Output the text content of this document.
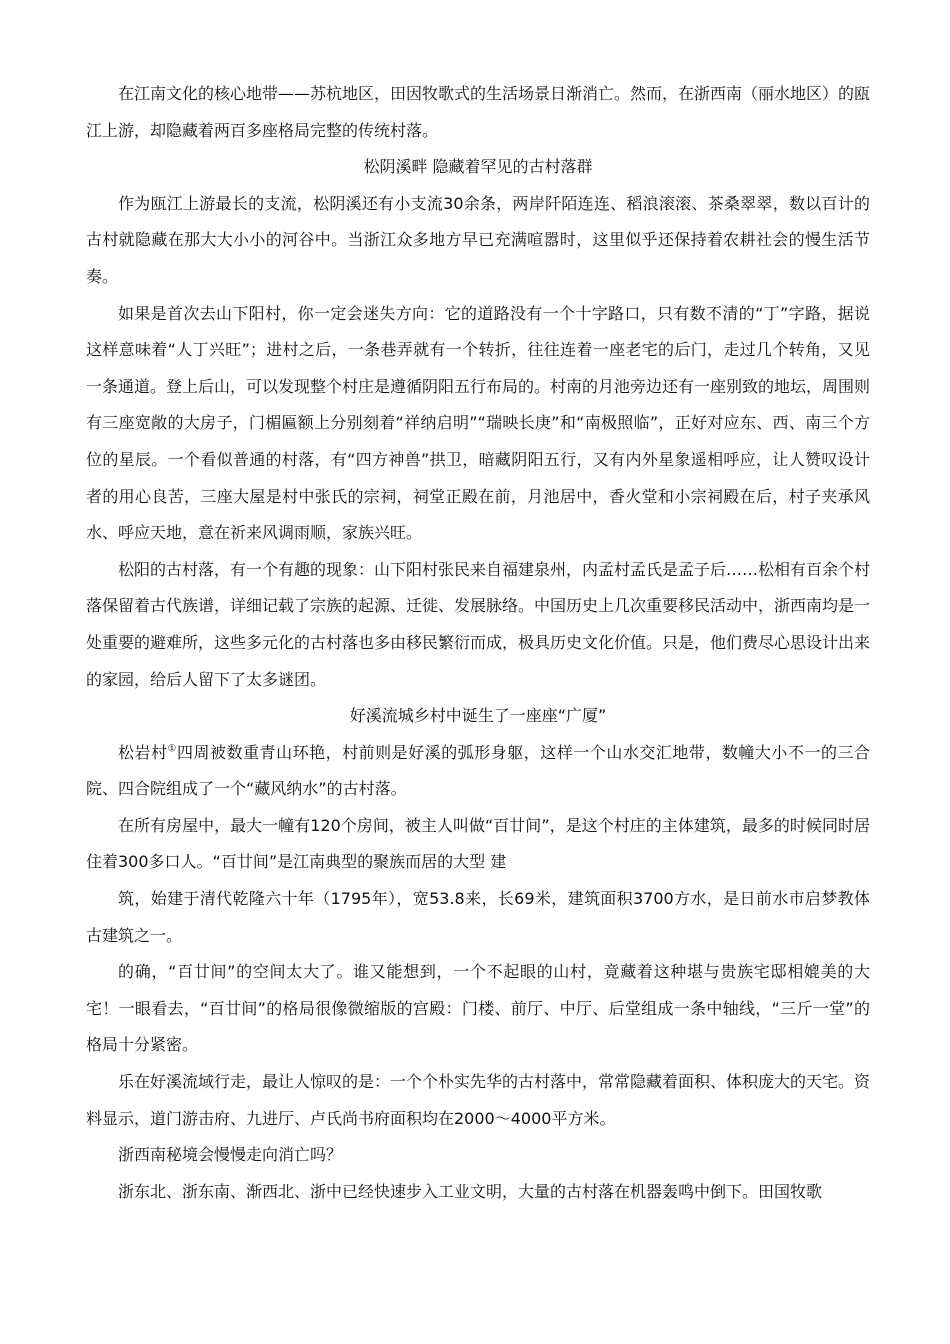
在江南文化的核心地带——苏杭地区，田因牧歌式的生活场景日渐消亡。然而，在浙西南（丽水地区）的瓯江上游，却隐藏着两百多座格局完整的传统村落。

松阴溪畔 隐藏着罕见的古村落群

作为瓯江上游最长的支流，松阴溪还有小支流30余条，两岸阡陌连连、稻浪滚滚、茶桑翠翠，数以百计的古村就隐藏在那大大小小的河谷中。当浙江众多地方早已充满喧嚣时，这里似乎还保持着农耕社会的慢生活节奏。

如果是首次去山下阳村，你一定会迷失方向：它的道路没有一个十字路口，只有数不清的“丁”字路，据说这样意味着“人丁兴旺”；进村之后，一条巷弄就有一个转折，往往连着一座老宅的后门，走过几个转角，又见一条通道。登上后山，可以发现整个村庄是遵循阴阳五行布局的。村南的月池旁边还有一座别致的地坛，周围则有三座宽敞的大房子，门楣匾额上分别刻着“祥纳启明”“瑞映长庚”和“南极照临”，正好对应东、西、南三个方位的星辰。一个看似普通的村落，有“四方神兽”拱卫，暗藏阴阳五行，又有内外星象遥相呼应，让人赞叹设计者的用心良苦，三座大屋是村中张氏的宗祠，祠堂正殿在前，月池居中，香火堂和小宗祠殿在后，村子夹承风水、呼应天地，意在祈来风调雨顺，家族兴旺。

松阳的古村落，有一个有趣的现象：山下阳村张民来自福建泉州，内孟村孟氏是孟子后……松相有百余个村落保留着古代族谱，详细记载了宗族的起源、迁徙、发展脉络。中国历史上几次重要移民活动中，浙西南均是一处重要的避难所，这些多元化的古村落也多由移民繁衍而成，极具历史文化价值。只是，他们费尽心思设计出来的家园，给后人留下了太多谜团。

好溪流城乡村中诞生了一座座“广厦”

松岩村①四周被数重青山环艳，村前则是好溪的弧形身躯，这样一个山水交汇地带，数幢大小不一的三合院、四合院组成了一个“藏风纳水”的古村落。

在所有房屋中，最大一幢有120个房间，被主人叫做“百廿间”，是这个村庄的主体建筑，最多的时候同时居住着300多口人。“百廿间”是江南典型的聚族而居的大型 建

筑，始建于清代乾隆六十年（1795年），宽53.8来，长69米，建筑面积3700方水，是日前水市启梦教体古建筑之一。

的确，“百廿间”的空间太大了。谁又能想到，一个不起眼的山村，竟藏着这种堪与贵族宅邸相媲美的大宅！一眼看去，“百廿间”的格局很像微缩版的宫殿：门楼、前厅、中厅、后堂组成一条中轴线，“三斤一堂”的格局十分紧密。

乐在好溪流域行走，最让人惊叹的是：一个个朴实先华的古村落中，常常隐藏着面积、体积庞大的天宅。资料显示，道门游击府、九进厅、卢氏尚书府面积均在2000～4000平方米。

浙西南秘境会慢慢走向消亡吗？

浙东北、浙东南、渐西北、浙中已经快速步入工业文明，大量的古村落在机器轰鸣中倒下。田国牧歌
